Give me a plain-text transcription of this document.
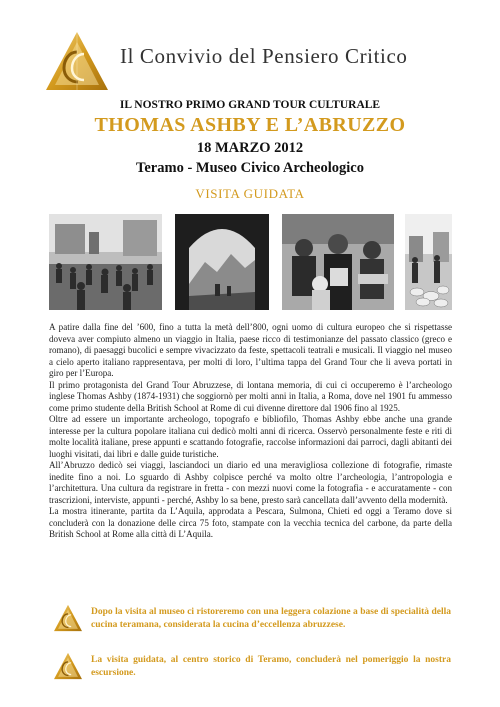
Il Convivio del Pensiero Critico
IL NOSTRO PRIMO GRAND TOUR CULTURALE
THOMAS ASHBY E L’ABRUZZO
18 MARZO 2012
Teramo - Museo Civico Archeologico
VISITA GUIDATA

A patire dalla fine del ’600, fino a tutta la metà dell’800, ogni uomo di cultura europeo che si rispettasse doveva aver compiuto almeno un viaggio in Italia, paese ricco di testimonianze del passato classico (greco e romano), di paesaggi bucolici e sempre vivacizzato da feste, spettacoli teatrali e musicali. Il viaggio nel museo a cielo aperto italiano rappresentava, per molti di loro, l’ultima tappa del Grand Tour che li aveva portati in giro per l’Europa.

Il primo protagonista del Grand Tour Abruzzese, di lontana memoria, di cui ci occuperemo è l’archeologo inglese Thomas Ashby (1874-1931) che soggiornò per molti anni in Italia, a Roma, dove nel 1901 fu ammesso come primo studente della British School at Rome di cui divenne direttore dal 1906 fino al 1925.

Oltre ad essere un importante archeologo, topografo e bibliofilo, Thomas Ashby ebbe anche una grande interesse per la cultura popolare italiana cui dedicò molti anni di ricerca. Osservò personalmente feste e riti di molte località italiane, prese appunti e scattando fotografie, raccolse informazioni dai parroci, dagli abitanti dei luoghi visitati, dai libri e dalle guide turistiche.

All’Abruzzo dedicò sei viaggi, lasciandoci un diario ed una meravigliosa collezione di fotografie, rimaste inedite fino a noi. Lo sguardo di Ashby colpisce perché va molto oltre l’archeologia, l’antropologia e l’architettura. Una cultura da registrare in fretta - con mezzi nuovi come la fotografia - e accuratamente - con trascrizioni, interviste, appunti - perché, Ashby lo sa bene, presto sarà cancellata dall’avvento della modernità.

La mostra itinerante, partita da L’Aquila, approdata a Pescara, Sulmona, Chieti ed oggi a Teramo dove si concluderà con la donazione delle circa 75 foto, stampate con la vecchia tecnica del carbone, da parte della British School at Rome alla città di L’Aquila.

Dopo la visita al museo ci ristoreremo con una leggera colazione a base di specialità della cucina teramana, considerata la cucina d’eccellenza abruzzese.
La visita guidata, al centro storico di Teramo, concluderà nel pomeriggio la nostra escursione.
